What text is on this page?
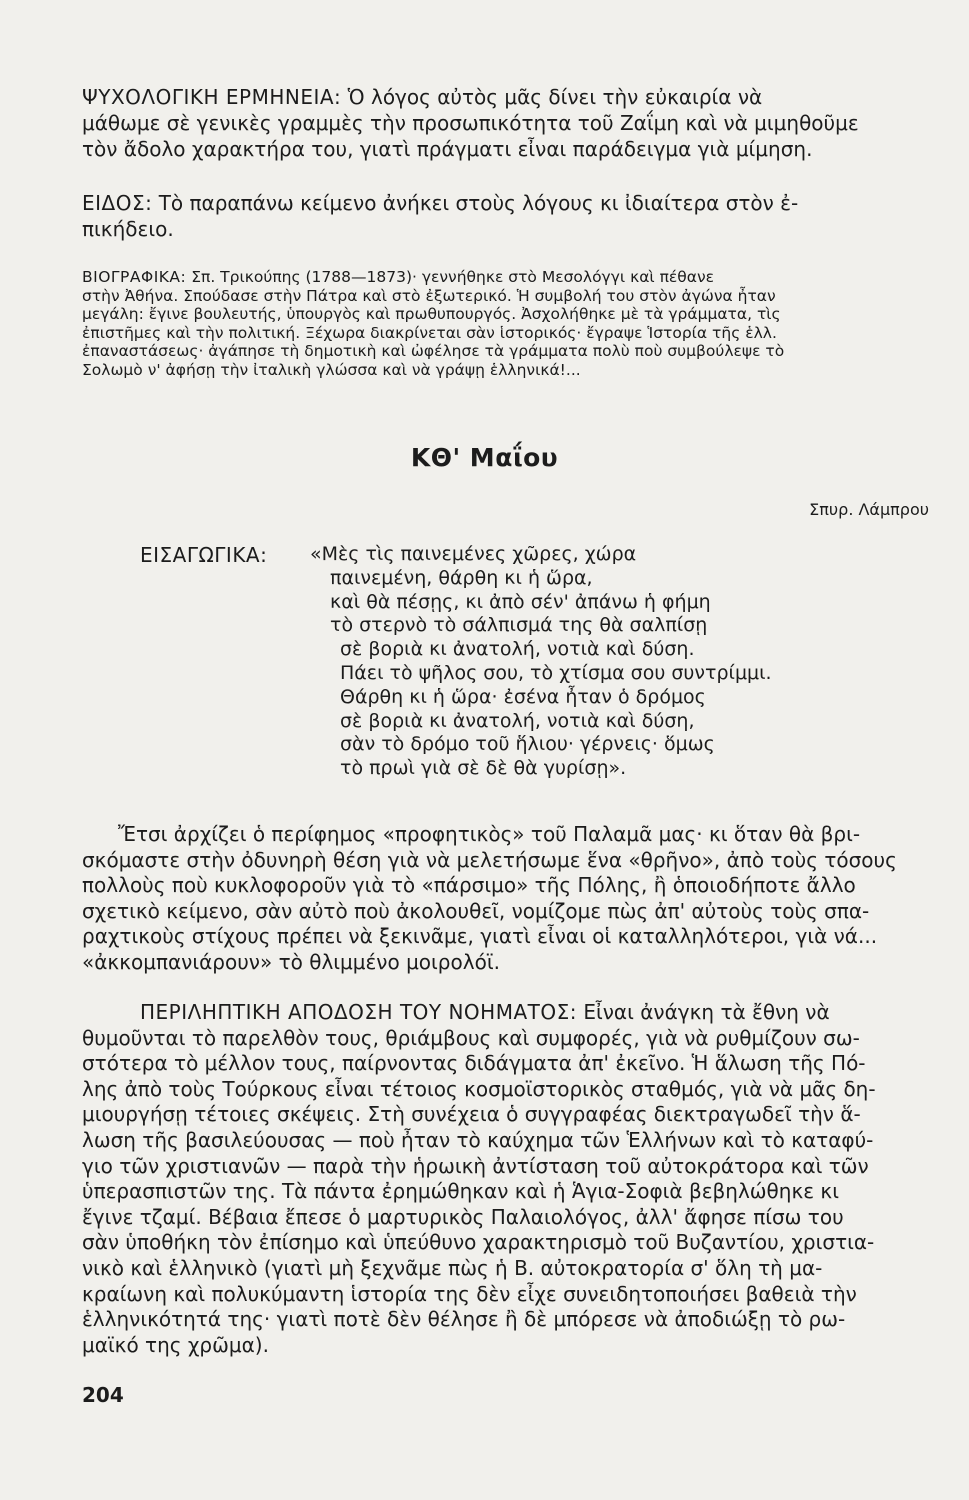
ΨΥΧΟΛΟΓΙΚΗ ΕΡΜΗΝΕΙΑ: Ὁ λόγος αὐτὸς μᾶς δίνει τὴν εὐκαιρία νὰ
μάθωμε σὲ γενικὲς γραμμὲς τὴν προσωπικότητα τοῦ Ζαΐμη καὶ νὰ μιμηθοῦμε
τὸν ἄδολο χαρακτήρα του, γιατὶ πράγματι εἶναι παράδειγμα γιὰ μίμηση.
ΕΙΔΟΣ: Τὸ παραπάνω κείμενο ἀνήκει στοὺς λόγους κι ἰδιαίτερα στὸν ἐ-
πικήδειο.
ΒΙΟΓΡΑΦΙΚΑ: Σπ. Τρικούπης (1788—1873)· γεννήθηκε στὸ Μεσολόγγι καὶ πέθανε
στὴν Ἀθήνα. Σπούδασε στὴν Πάτρα καὶ στὸ ἐξωτερικό. Ἡ συμβολή του στὸν ἀγώνα ἦταν
μεγάλη: ἔγινε βουλευτής, ὑπουργὸς καὶ πρωθυπουργός. Ἀσχολήθηκε μὲ τὰ γράμματα, τὶς
ἐπιστῆμες καὶ τὴν πολιτική. Ξέχωρα διακρίνεται σὰν ἱστορικός· ἔγραψε Ἱστορία τῆς ἑλλ.
ἐπαναστάσεως· ἀγάπησε τὴ δημοτικὴ καὶ ὠφέλησε τὰ γράμματα πολὺ ποὺ συμβούλεψε τὸ
Σολωμὸ ν' ἀφήσῃ τὴν ἰταλικὴ γλώσσα καὶ νὰ γράψῃ ἑλληνικά!...
ΚΘ' Μαΐου
Σπυρ. Λάμπρου
ΕΙΣΑΓΩΓΙΚΑ: «Μὲς τὶς παινεμένες χῶρες, χώρα
παινεμένη, θάρθη κι ἡ ὥρα,
καὶ θὰ πέσῃς, κι ἀπὸ σέν' ἀπάνω ἡ φήμη
τὸ στερνὸ τὸ σάλπισμά της θὰ σαλπίσῃ
σὲ βοριὰ κι ἀνατολή, νοτιὰ καὶ δύση.
Πάει τὸ ψῆλος σου, τὸ χτίσμα σου συντρίμμι.
Θάρθη κι ἡ ὥρα· ἐσένα ἦταν ὁ δρόμος
σὲ βοριὰ κι ἀνατολή, νοτιὰ καὶ δύση,
σὰν τὸ δρόμο τοῦ ἥλιου· γέρνεις· ὅμως
τὸ πρωὶ γιὰ σὲ δὲ θὰ γυρίσῃ».
Ἔτσι ἀρχίζει ὁ περίφημος «προφητικὸς» τοῦ Παλαμᾶ μας· κι ὅταν θὰ βρι-
σκόμαστε στὴν ὀδυνηρὴ θέση γιὰ νὰ μελετήσωμε ἕνα «θρῆνο», ἀπὸ τοὺς τόσους
πολλοὺς ποὺ κυκλοφοροῦν γιὰ τὸ «πάρσιμο» τῆς Πόλης, ἢ ὁποιοδήποτε ἄλλο
σχετικὸ κείμενο, σὰν αὐτὸ ποὺ ἀκολουθεῖ, νομίζομε πὼς ἀπ' αὐτοὺς τοὺς σπα-
ραχτικοὺς στίχους πρέπει νὰ ξεκινᾶμε, γιατὶ εἶναι οἱ καταλληλότεροι, γιὰ νά...
«ἀκκομπανιάρουν» τὸ θλιμμένο μοιρολόϊ.
ΠΕΡΙΛΗΠΤΙΚΗ ΑΠΟΔΟΣΗ ΤΟΥ ΝΟΗΜΑΤΟΣ: Εἶναι ἀνάγκη τὰ ἔθνη νὰ
θυμοῦνται τὸ παρελθὸν τους, θριάμβους καὶ συμφορές, γιὰ νὰ ρυθμίζουν σω-
στότερα τὸ μέλλον τους, παίρνοντας διδάγματα ἀπ' ἐκεῖνο. Ἡ ἅλωση τῆς Πό-
λης ἀπὸ τοὺς Τούρκους εἶναι τέτοιος κοσμοϊστορικὸς σταθμός, γιὰ νὰ μᾶς δη-
μιουργήσῃ τέτοιες σκέψεις. Στὴ συνέχεια ὁ συγγραφέας διεκτραγωδεῖ τὴν ἅ-
λωση τῆς βασιλεύουσας — ποὺ ἦταν τὸ καύχημα τῶν Ἑλλήνων καὶ τὸ καταφύ-
γιο τῶν χριστιανῶν — παρὰ τὴν ἡρωικὴ ἀντίσταση τοῦ αὐτοκράτορα καὶ τῶν
ὑπερασπιστῶν της. Τὰ πάντα ἐρημώθηκαν καὶ ἡ Ἁγια-Σοφιὰ βεβηλώθηκε κι
ἔγινε τζαμί. Βέβαια ἔπεσε ὁ μαρτυρικὸς Παλαιολόγος, ἀλλ' ἄφησε πίσω του
σὰν ὑποθήκη τὸν ἐπίσημο καὶ ὑπεύθυνο χαρακτηρισμὸ τοῦ Βυζαντίου, χριστια-
νικὸ καὶ ἑλληνικὸ (γιατὶ μὴ ξεχνᾶμε πὼς ἡ Β. αὐτοκρατορία σ' ὅλη τὴ μα-
κραίωνη καὶ πολυκύμαντη ἱστορία της δὲν εἶχε συνειδητοποιήσει βαθειὰ τὴν
ἑλληνικότητά της· γιατὶ ποτὲ δὲν θέλησε ἢ δὲ μπόρεσε νὰ ἀποδιώξῃ τὸ ρω-
μαϊκό της χρῶμα).
204
